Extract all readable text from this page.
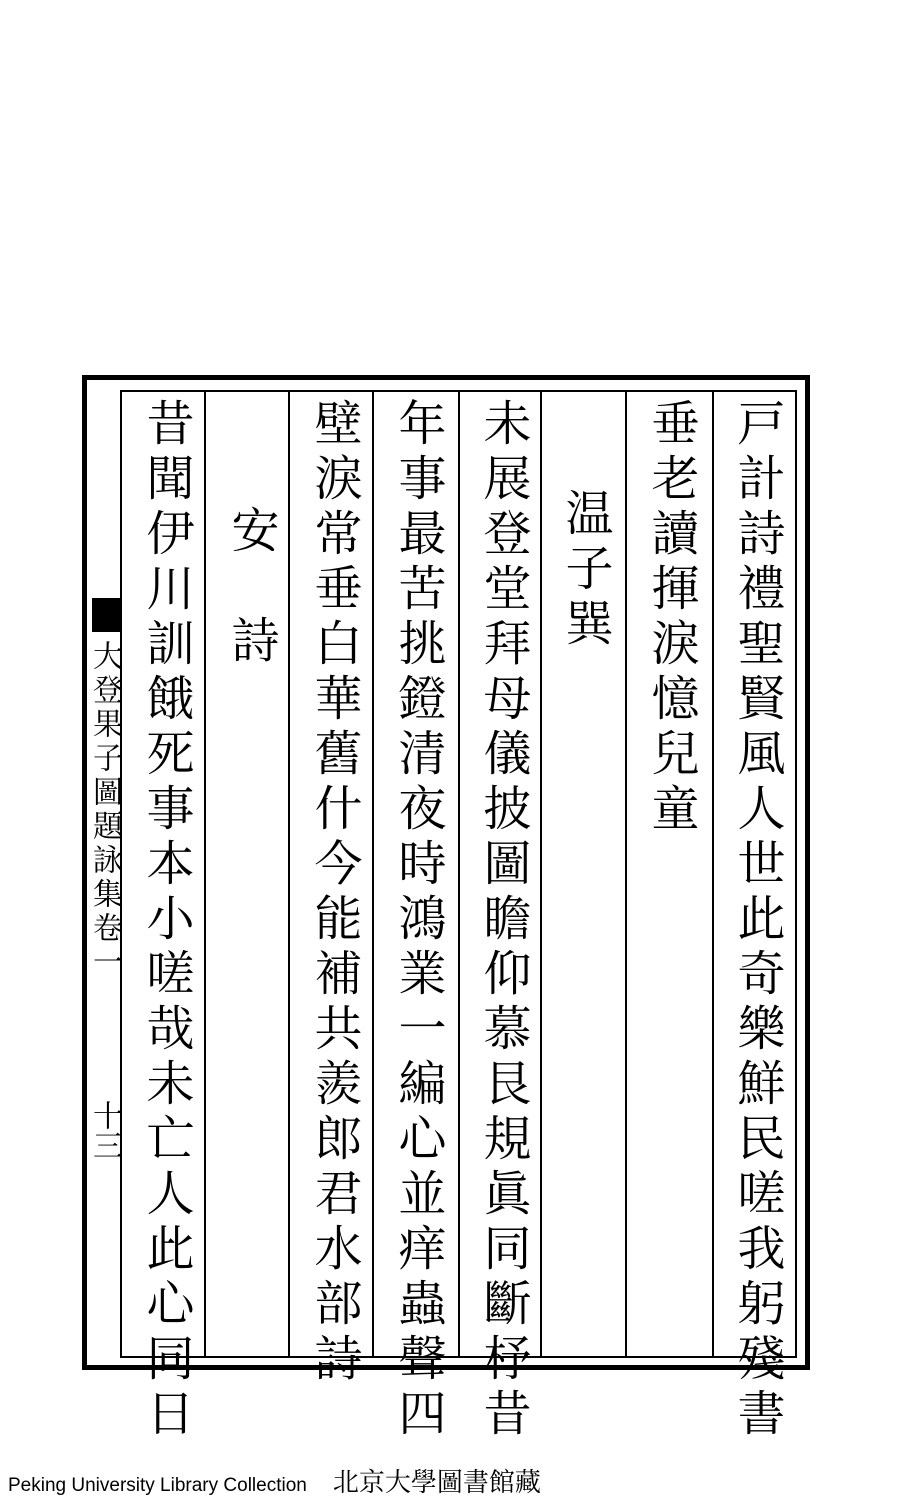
戸計詩禮聖賢風人世此奇樂鮮民嗟我躬殘書
垂老讀揮淚憶兒童
温子巽
未展登堂拜母儀披圖瞻仰慕艮規眞同斷杼昔
年事最苦挑鐙清夜時鴻業一編心並痒蟲聲四
壁淚常垂白華舊什今能補共羨郎君水部詩
安　詩
昔聞伊川訓餓死事本小嗟哉未亡人此心同日
大登果子圖題詠集卷一
十三
Peking University Library Collection 北京大學圖書館藏
